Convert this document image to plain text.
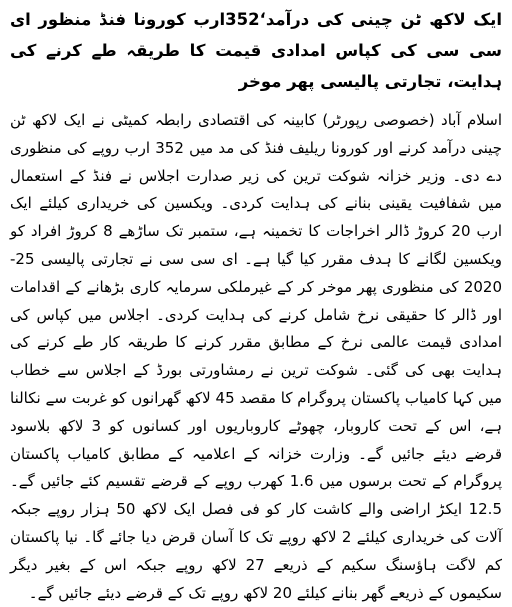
ایک لاکھ ٹن چینی کی درآمد‘352ارب کورونا فنڈ منظور ای سی سی کی کپاس امدادی قیمت کا طریقہ طے کرنے کی ہدایت، تجارتی پالیسی پھر موخر

اسلام آباد (خصوصی رپورٹر) کابینہ کی اقتصادی رابطہ کمیٹی نے ایک لاکھ ٹن چینی درآمد کرنے اور کورونا ریلیف فنڈ کی مد میں 352 ارب روپے کی منظوری دے دی۔ وزیر خزانہ شوکت ترین کی زیر صدارت اجلاس نے فنڈ کے استعمال میں شفافیت یقینی بنانے کی ہدایت کردی۔ ویکسین کی خریداری کیلئے ایک ارب 20 کروڑ ڈالر اخراجات کا تخمینہ ہے، ستمبر تک ساڑھے 8 کروڑ افراد کو ویکسین لگانے کا ہدف مقرر کیا گیا ہے۔ ای سی سی نے تجارتی پالیسی 25-2020 کی منظوری پھر موخر کر کے غیرملکی سرمایہ کاری بڑھانے کے اقدامات اور ڈالر کا حقیقی نرخ شامل کرنے کی ہدایت کردی۔ اجلاس میں کپاس کی امدادی قیمت عالمی نرخ کے مطابق مقرر کرنے کا طریقہ کار طے کرنے کی ہدایت بھی کی گئی۔ شوکت ترین نے رمشاورتی بورڈ کے اجلاس سے خطاب میں کہا کامیاب پاکستان پروگرام کا مقصد 45 لاکھ گھرانوں کو غربت سے نکالنا ہے، اس کے تحت کاروبار، چھوٹے کاروباریوں اور کسانوں کو 3 لاکھ بلاسود قرضے دیئے جائیں گے۔ وزارت خزانہ کے اعلامیہ کے مطابق کامیاب پاکستان پروگرام کے تحت برسوں میں 1.6 کھرب روپے کے قرضے تقسیم کئے جائیں گے۔ 12.5 ایکڑ اراضی والے کاشت کار کو فی فصل ایک لاکھ 50 ہزار روپے جبکہ آلات کی خریداری کیلئے 2 لاکھ روپے تک کا آسان قرض دیا جائے گا۔ نیا پاکستان کم لاگت ہاؤسنگ سکیم کے ذریعے 27 لاکھ روپے جبکہ اس کے بغیر دیگر سکیموں کے ذریعے گھر بنانے کیلئے 20 لاکھ روپے تک کے قرضے دیئے جائیں گے۔
